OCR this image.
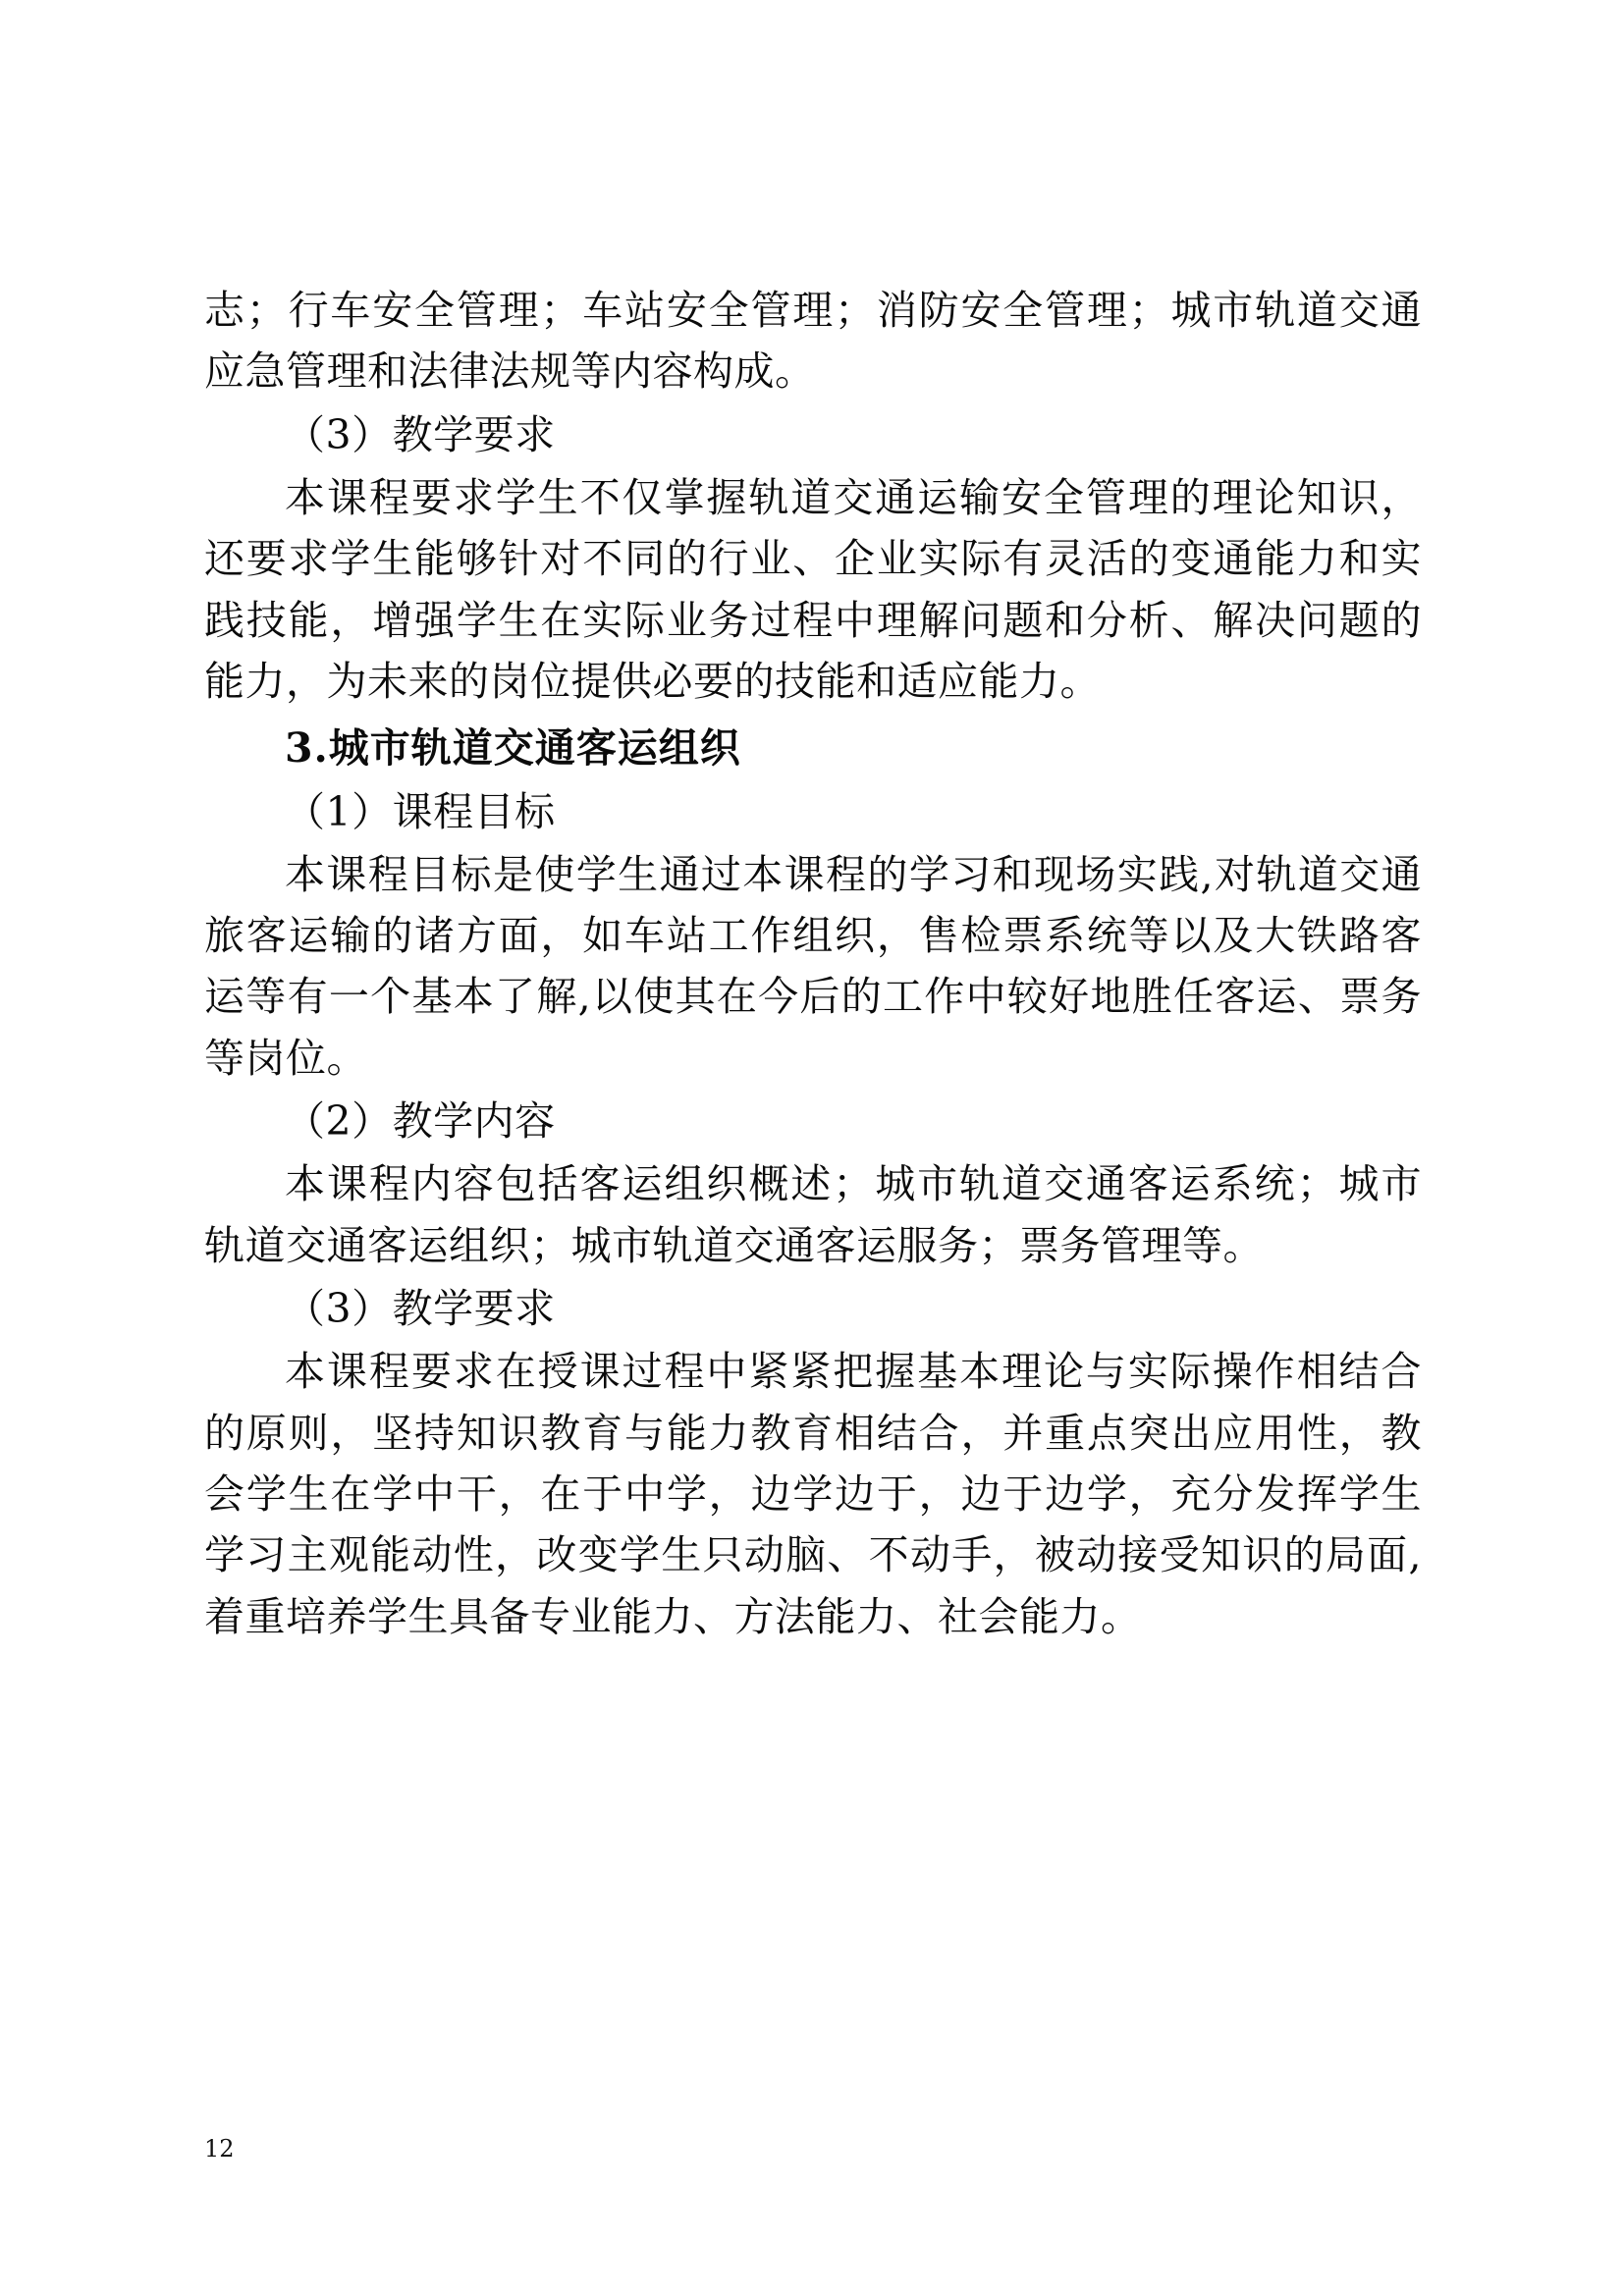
志；行车安全管理；车站安全管理；消防安全管理；城市轨道交通应急管理和法律法规等内容构成。

（3）教学要求

本课程要求学生不仅掌握轨道交通运输安全管理的理论知识，还要求学生能够针对不同的行业、企业实际有灵活的变通能力和实践技能，增强学生在实际业务过程中理解问题和分析、解决问题的能力，为未来的岗位提供必要的技能和适应能力。

3.城市轨道交通客运组织

（1）课程目标

本课程目标是使学生通过本课程的学习和现场实践,对轨道交通旅客运输的诸方面，如车站工作组织，售检票系统等以及大铁路客运等有一个基本了解,以使其在今后的工作中较好地胜任客运、票务等岗位。

（2）教学内容

本课程内容包括客运组织概述；城市轨道交通客运系统；城市轨道交通客运组织；城市轨道交通客运服务；票务管理等。

（3）教学要求

本课程要求在授课过程中紧紧把握基本理论与实际操作相结合的原则，坚持知识教育与能力教育相结合，并重点突出应用性，教会学生在学中干，在于中学，边学边于，边于边学，充分发挥学生学习主观能动性，改变学生只动脑、不动手，被动接受知识的局面,着重培养学生具备专业能力、方法能力、社会能力。

12
